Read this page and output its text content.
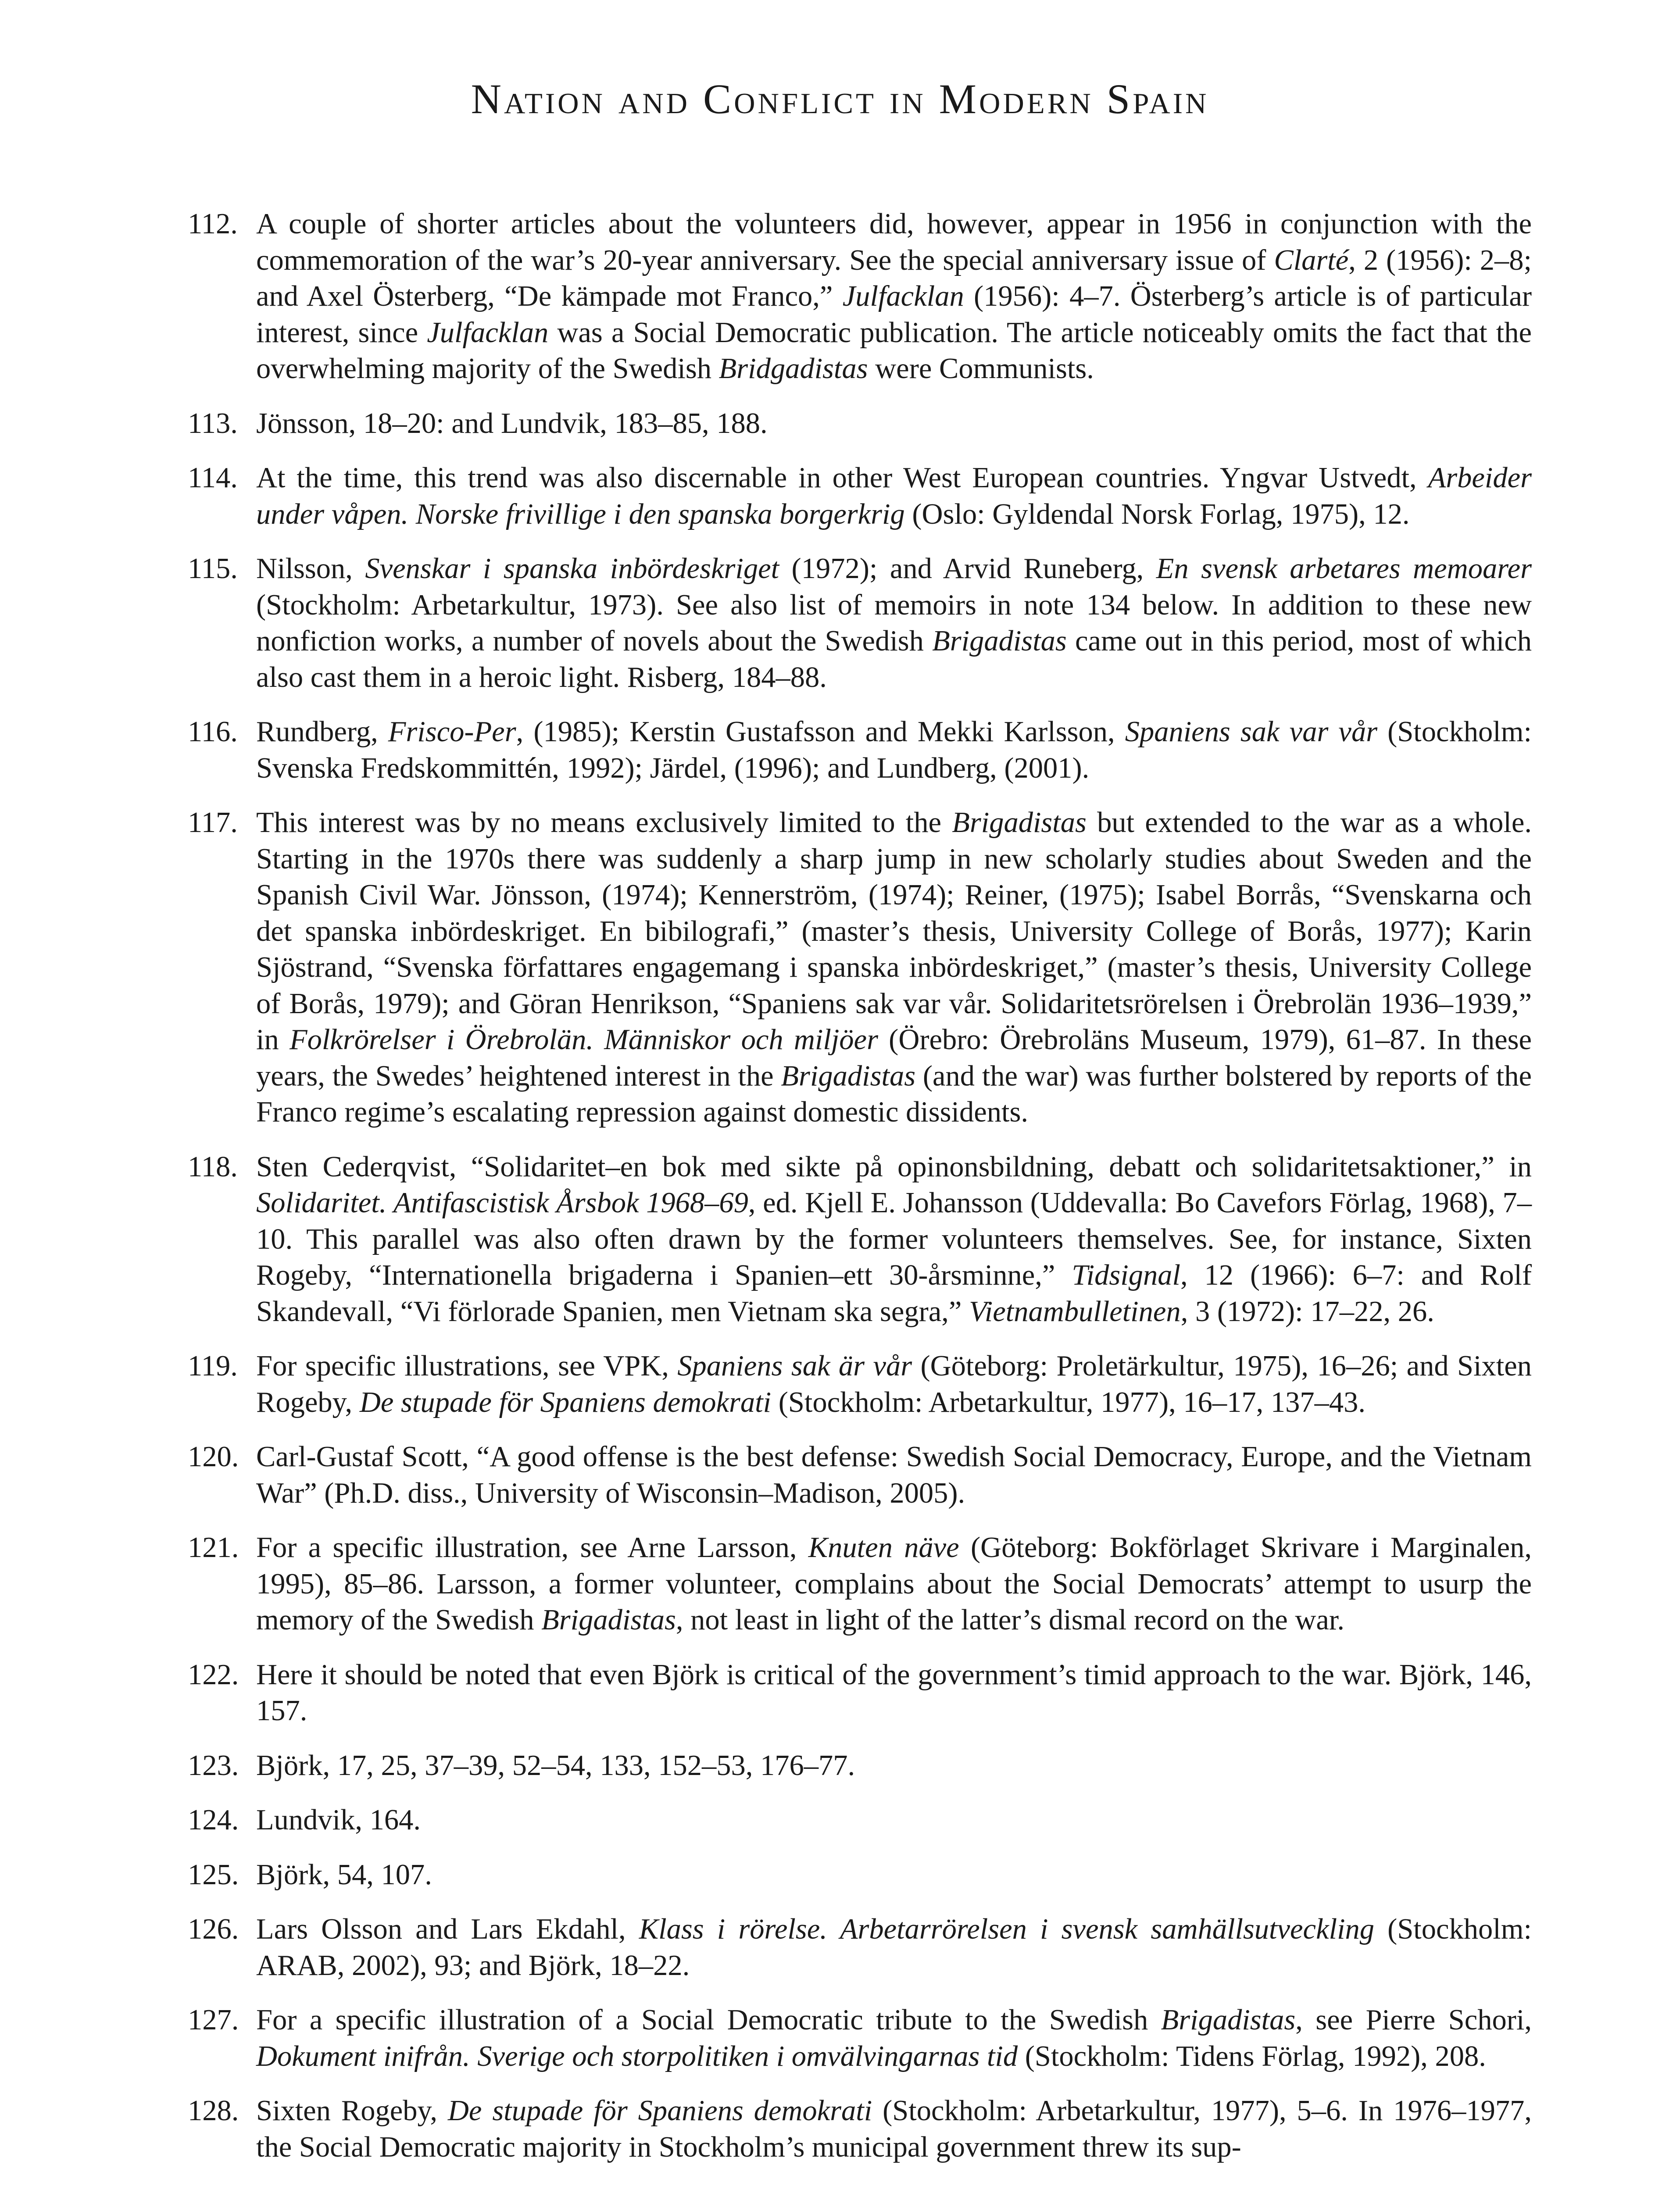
Nation and Conflict in Modern Spain
112. A couple of shorter articles about the volunteers did, however, appear in 1956 in conjunction with the commemoration of the war’s 20-year anniversary. See the special anniversary issue of Clarté, 2 (1956): 2–8; and Axel Österberg, “De kämpade mot Franco,” Julfacklan (1956): 4–7. Österberg’s article is of particular interest, since Julfacklan was a Social Democratic publication. The article noticeably omits the fact that the overwhelming majority of the Swedish Bridgadistas were Communists.
113. Jönsson, 18–20: and Lundvik, 183–85, 188.
114. At the time, this trend was also discernable in other West European countries. Yngvar Ustvedt, Arbeider under våpen. Norske frivillige i den spanska borgerkrig (Oslo: Gyldendal Norsk Forlag, 1975), 12.
115. Nilsson, Svenskar i spanska inbördeskriget (1972); and Arvid Runeberg, En svensk arbetares memoarer (Stockholm: Arbetarkultur, 1973). See also list of memoirs in note 134 below. In addition to these new nonfiction works, a number of novels about the Swedish Brigadistas came out in this period, most of which also cast them in a heroic light. Risberg, 184–88.
116. Rundberg, Frisco-Per, (1985); Kerstin Gustafsson and Mekki Karlsson, Spaniens sak var vår (Stockholm: Svenska Fredskommittén, 1992); Järdel, (1996); and Lundberg, (2001).
117. This interest was by no means exclusively limited to the Brigadistas but extended to the war as a whole. Starting in the 1970s there was suddenly a sharp jump in new scholarly studies about Sweden and the Spanish Civil War. Jönsson, (1974); Kennerström, (1974); Reiner, (1975); Isabel Borrås, “Svenskarna och det spanska inbördeskriget. En bibilografi,” (master’s thesis, University College of Borås, 1977); Karin Sjöstrand, “Svenska författares engagemang i spanska inbördeskriget,” (master’s thesis, University College of Borås, 1979); and Göran Henrikson, “Spaniens sak var vår. Solidaritetsrörelsen i Örebrolän 1936–1939,” in Folkrörelser i Örebrolän. Människor och miljöer (Örebro: Örebroläns Museum, 1979), 61–87. In these years, the Swedes’ heightened interest in the Brigadistas (and the war) was further bolstered by reports of the Franco regime’s escalating repression against domestic dissidents.
118. Sten Cederqvist, “Solidaritet–en bok med sikte på opinonsbildning, debatt och solidaritetsaktioner,” in Solidaritet. Antifascistisk Årsbok 1968–69, ed. Kjell E. Johansson (Uddevalla: Bo Cavefors Förlag, 1968), 7–10. This parallel was also often drawn by the former volunteers themselves. See, for instance, Sixten Rogeby, “Internationella brigaderna i Spanien–ett 30-årsminne,” Tidsignal, 12 (1966): 6–7: and Rolf Skandevall, “Vi förlorade Spanien, men Vietnam ska segra,” Vietnambulletinen, 3 (1972): 17–22, 26.
119. For specific illustrations, see VPK, Spaniens sak är vår (Göteborg: Proletärkultur, 1975), 16–26; and Sixten Rogeby, De stupade för Spaniens demokrati (Stockholm: Arbetarkultur, 1977), 16–17, 137–43.
120. Carl-Gustaf Scott, “A good offense is the best defense: Swedish Social Democracy, Europe, and the Vietnam War” (Ph.D. diss., University of Wisconsin–Madison, 2005).
121. For a specific illustration, see Arne Larsson, Knuten näve (Göteborg: Bokförlaget Skrivare i Marginalen, 1995), 85–86. Larsson, a former volunteer, complains about the Social Democrats’ attempt to usurp the memory of the Swedish Brigadistas, not least in light of the latter’s dismal record on the war.
122. Here it should be noted that even Björk is critical of the government’s timid approach to the war. Björk, 146, 157.
123. Björk, 17, 25, 37–39, 52–54, 133, 152–53, 176–77.
124. Lundvik, 164.
125. Björk, 54, 107.
126. Lars Olsson and Lars Ekdahl, Klass i rörelse. Arbetarrörelsen i svensk samhällsutveckling (Stockholm: ARAB, 2002), 93; and Björk, 18–22.
127. For a specific illustration of a Social Democratic tribute to the Swedish Brigadistas, see Pierre Schori, Dokument inifrån. Sverige och storpolitiken i omvälvingarnas tid (Stockholm: Tidens Förlag, 1992), 208.
128. Sixten Rogeby, De stupade för Spaniens demokrati (Stockholm: Arbetarkultur, 1977), 5–6. In 1976–1977, the Social Democratic majority in Stockholm’s municipal government threw its sup-
